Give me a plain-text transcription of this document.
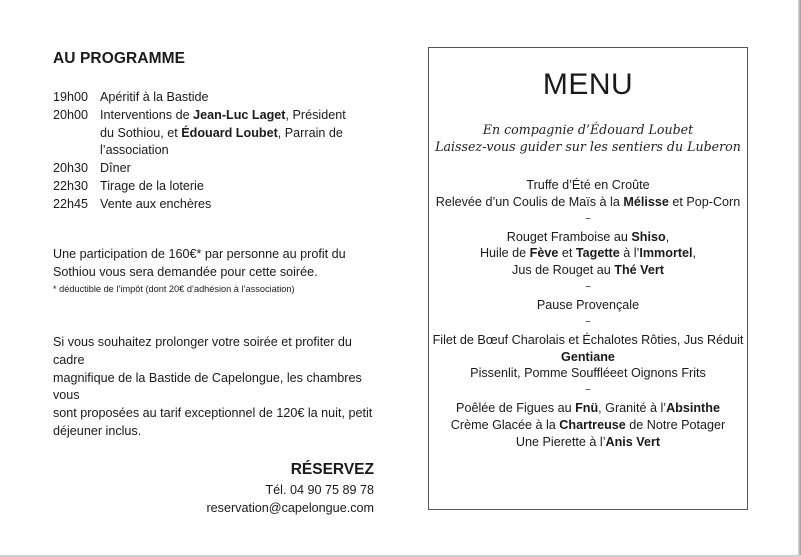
AU PROGRAMME
19h00 Apéritif à la Bastide
20h00 Interventions de Jean-Luc Laget, Président
du Sothiou, et Édouard Loubet, Parrain de
l’association
20h30 Dîner
22h30 Tirage de la loterie
22h45 Vente aux enchères
Une participation de 160€* par personne au profit du
Sothiou vous sera demandée pour cette soirée.
* déductible de l’impôt (dont 20€ d’adhésion à l’association)
Si vous souhaitez prolonger votre soirée et profiter du cadre
magnifique de la Bastide de Capelongue, les chambres vous
sont proposées au tarif exceptionnel de 120€ la nuit, petit
déjeuner inclus.
RÉSERVEZ
Tél. 04 90 75 89 78
reservation@capelongue.com
MENU
En compagnie d’Édouard Loubet
Laissez-vous guider sur les sentiers du Luberon
Truffe d’Été en Croûte
Relevée d’un Coulis de Maïs à la Mélisse et Pop-Corn
~
Rouget Framboise au Shiso,
Huile de Fève et Tagette à l’Immortel,
Jus de Rouget au Thé Vert
~
Pause Provençale
~
Filet de Bœuf Charolais et Échalotes Rôties, Jus Réduit
Gentiane
Pissenlit, Pomme Souffléeet Oignons Frits
~
Poêlée de Figues au Fnü, Granité à l’Absinthe
Crème Glacée à la Chartreuse de Notre Potager
Une Pierette à l’Anis Vert
